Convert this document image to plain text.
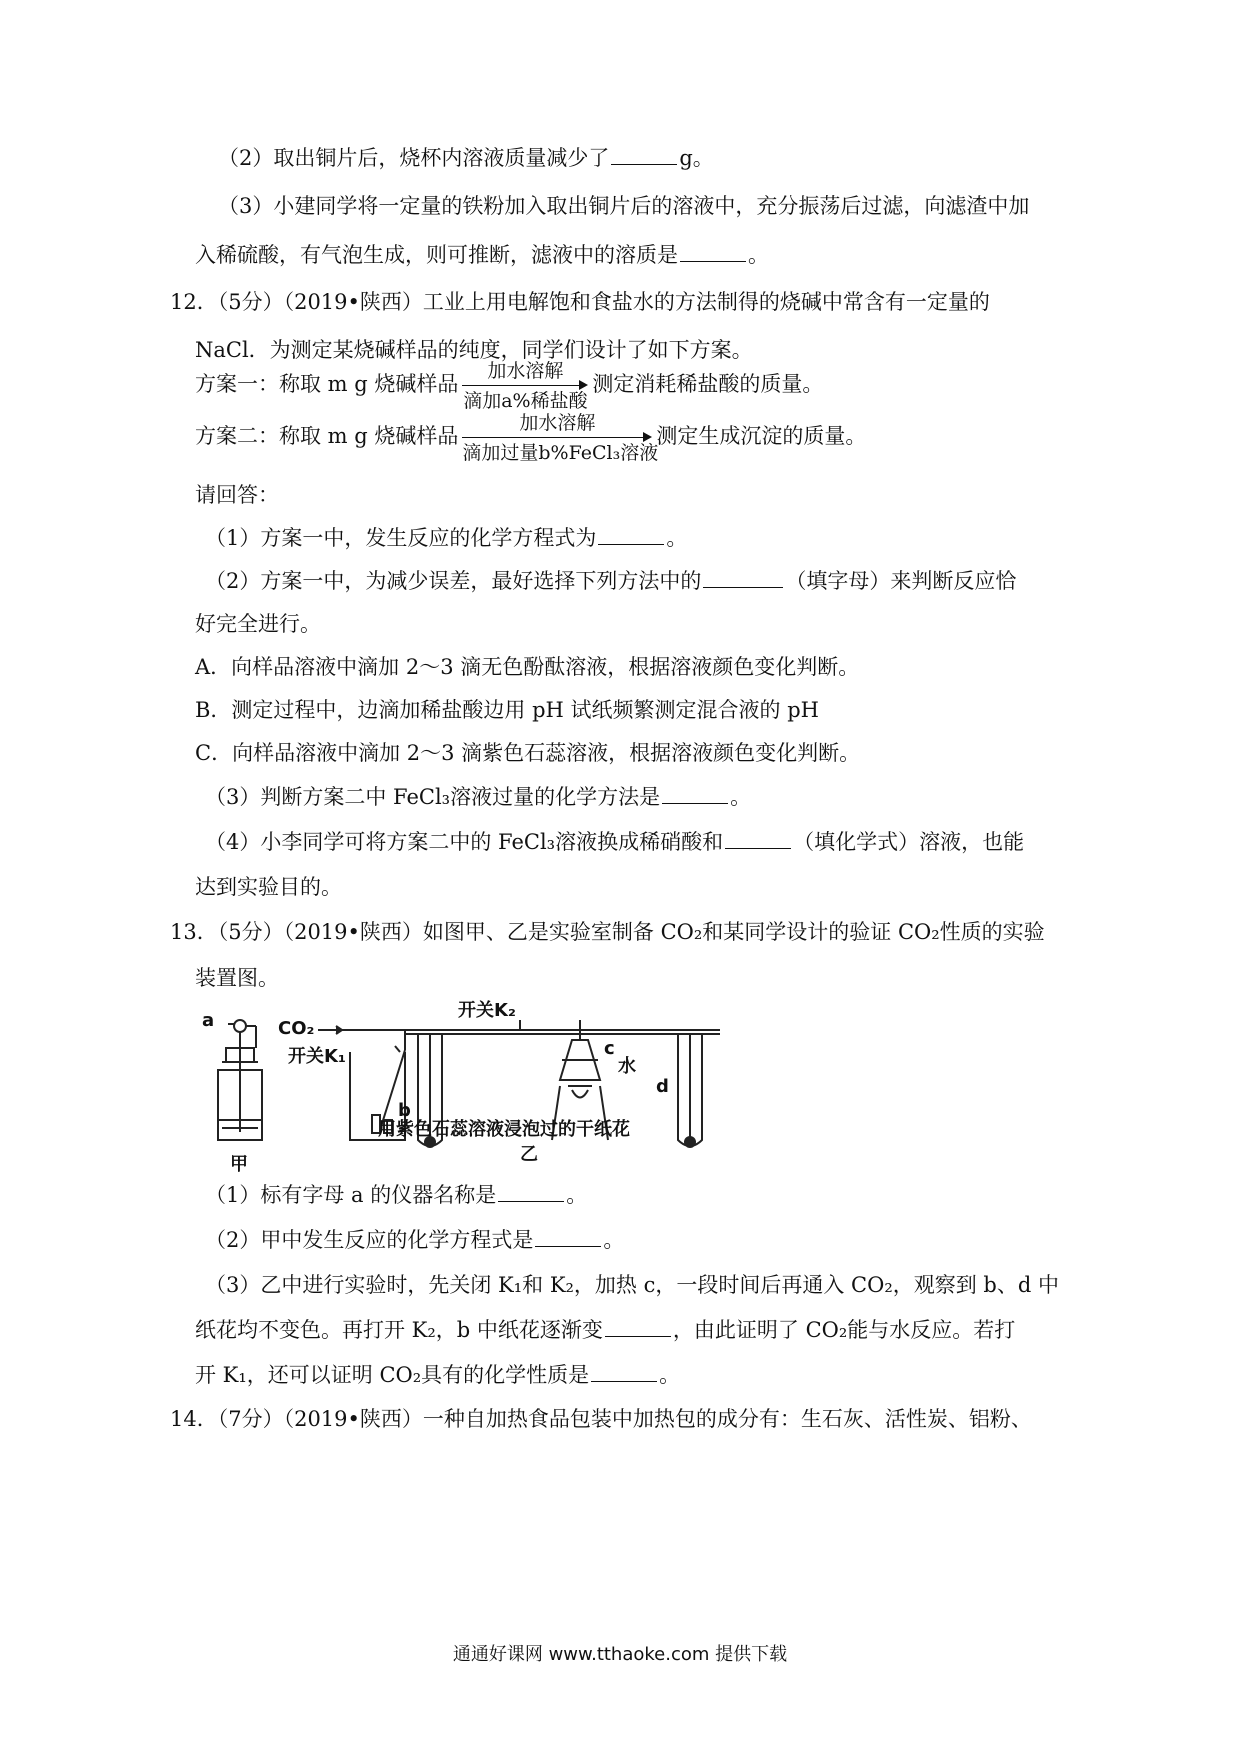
（2）取出铜片后，烧杯内溶液质量减少了	g。
（3）小建同学将一定量的铁粉加入取出铜片后的溶液中，充分振荡后过滤，向滤渣中加
入稀硫酸，有气泡生成，则可推断，滤液中的溶质是	。
12．（5分）（2019•陕西）工业上用电解饱和食盐水的方法制得的烧碱中常含有一定量的
NaCl．为测定某烧碱样品的纯度，同学们设计了如下方案。
方案一：称取 m g 烧碱样品
加水溶解
滴加a%稀盐酸
测定消耗稀盐酸的质量。
方案二：称取 m g 烧碱样品
加水溶解
滴加过量b%FeCl₃溶液
测定生成沉淀的质量。
请回答：
（1）方案一中，发生反应的化学方程式为	。
（2）方案一中，为减少误差，最好选择下列方法中的	（填字母）来判断反应恰
好完全进行。
A．向样品溶液中滴加 2～3 滴无色酚酞溶液，根据溶液颜色变化判断。
B．测定过程中，边滴加稀盐酸边用 pH 试纸频繁测定混合液的 pH
C．向样品溶液中滴加 2～3 滴紫色石蕊溶液，根据溶液颜色变化判断。
（3）判断方案二中 FeCl₃溶液过量的化学方法是	。
（4）小李同学可将方案二中的 FeCl₃溶液换成稀硝酸和	（填化学式）溶液，也能
达到实验目的。
13．（5分）（2019•陕西）如图甲、乙是实验室制备 CO₂和某同学设计的验证 CO₂性质的实验
装置图。
a	CO₂
开关K₁
开关K₂
b
c
水
d
用紫色石蕊溶液浸泡过的干纸花
乙
甲
（1）标有字母 a 的仪器名称是	。
（2）甲中发生反应的化学方程式是	。
（3）乙中进行实验时，先关闭 K₁和 K₂，加热 c，一段时间后再通入 CO₂，观察到 b、d 中
纸花均不变色。再打开 K₂，b 中纸花逐渐变	，由此证明了 CO₂能与水反应。若打
开 K₁，还可以证明 CO₂具有的化学性质是	。
14．（7分）（2019•陕西）一种自加热食品包装中加热包的成分有：生石灰、活性炭、铝粉、
通通好课网 www.tthaoke.com 提供下载
